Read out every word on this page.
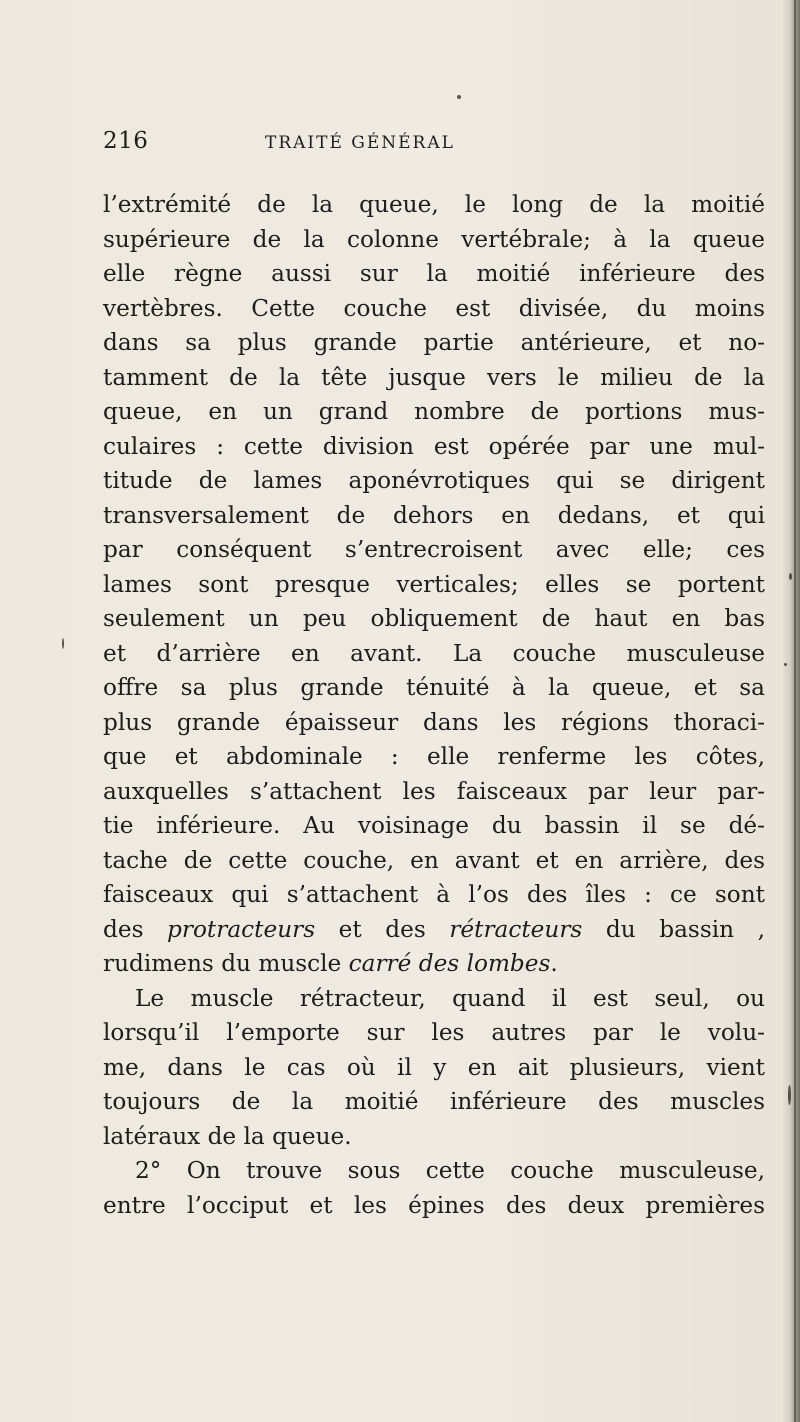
216	TRAITÉ GÉNÉRAL
l’extrémité de la queue, le long de la moitié
supérieure de la colonne vertébrale; à la queue
elle règne aussi sur la moitié inférieure des
vertèbres. Cette couche est divisée, du moins
dans sa plus grande partie antérieure, et no-
tamment de la tête jusque vers le milieu de la
queue, en un grand nombre de portions mus-
culaires : cette division est opérée par une mul-
titude de lames aponévrotiques qui se dirigent
transversalement de dehors en dedans, et qui
par conséquent s’entrecroisent avec elle; ces
lames sont presque verticales; elles se portent
seulement un peu obliquement de haut en bas
et d’arrière en avant. La couche musculeuse
offre sa plus grande ténuité à la queue, et sa
plus grande épaisseur dans les régions thoraci-
que et abdominale : elle renferme les côtes,
auxquelles s’attachent les faisceaux par leur par-
tie inférieure. Au voisinage du bassin il se dé-
tache de cette couche, en avant et en arrière, des
faisceaux qui s’attachent à l’os des îles : ce sont
des protracteurs et des rétracteurs du bassin ,
rudimens du muscle carré des lombes.
Le muscle rétracteur, quand il est seul, ou
lorsqu’il l’emporte sur les autres par le volu-
me, dans le cas où il y en ait plusieurs, vient
toujours de la moitié inférieure des muscles
latéraux de la queue.
2° On trouve sous cette couche musculeuse,
entre l’occiput et les épines des deux premières
